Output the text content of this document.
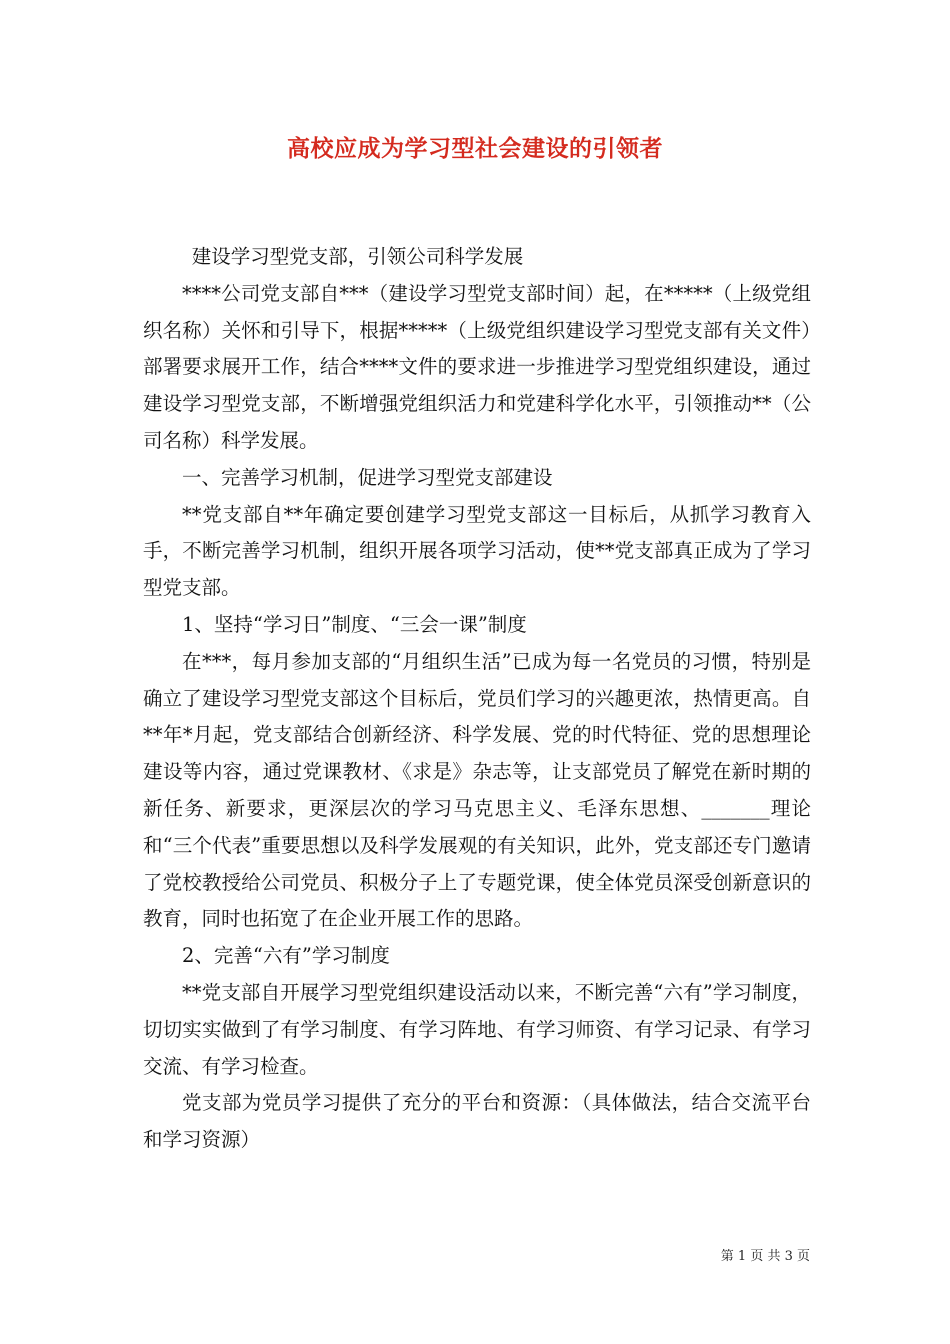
高校应成为学习型社会建设的引领者

建设学习型党支部，引领公司科学发展

****公司党支部自***（建设学习型党支部时间）起，在*****（上级党组织名称）关怀和引导下，根据*****（上级党组织建设学习型党支部有关文件）部署要求展开工作，结合****文件的要求进一步推进学习型党组织建设，通过建设学习型党支部，不断增强党组织活力和党建科学化水平，引领推动**（公司名称）科学发展。

一、完善学习机制，促进学习型党支部建设

**党支部自**年确定要创建学习型党支部这一目标后，从抓学习教育入手，不断完善学习机制，组织开展各项学习活动，使**党支部真正成为了学习型党支部。

1、坚持“学习日”制度、“三会一课”制度

在***，每月参加支部的“月组织生活”已成为每一名党员的习惯，特别是确立了建设学习型党支部这个目标后，党员们学习的兴趣更浓，热情更高。自**年*月起，党支部结合创新经济、科学发展、党的时代特征、党的思想理论建设等内容，通过党课教材、《求是》杂志等，让支部党员了解党在新时期的新任务、新要求，更深层次的学习马克思主义、毛泽东思想、_______理论和“三个代表”重要思想以及科学发展观的有关知识，此外，党支部还专门邀请了党校教授给公司党员、积极分子上了专题党课，使全体党员深受创新意识的教育，同时也拓宽了在企业开展工作的思路。

2、完善“六有”学习制度

**党支部自开展学习型党组织建设活动以来，不断完善“六有”学习制度，切切实实做到了有学习制度、有学习阵地、有学习师资、有学习记录、有学习交流、有学习检查。

党支部为党员学习提供了充分的平台和资源：（具体做法，结合交流平台和学习资源）

第 1 页 共 3 页
